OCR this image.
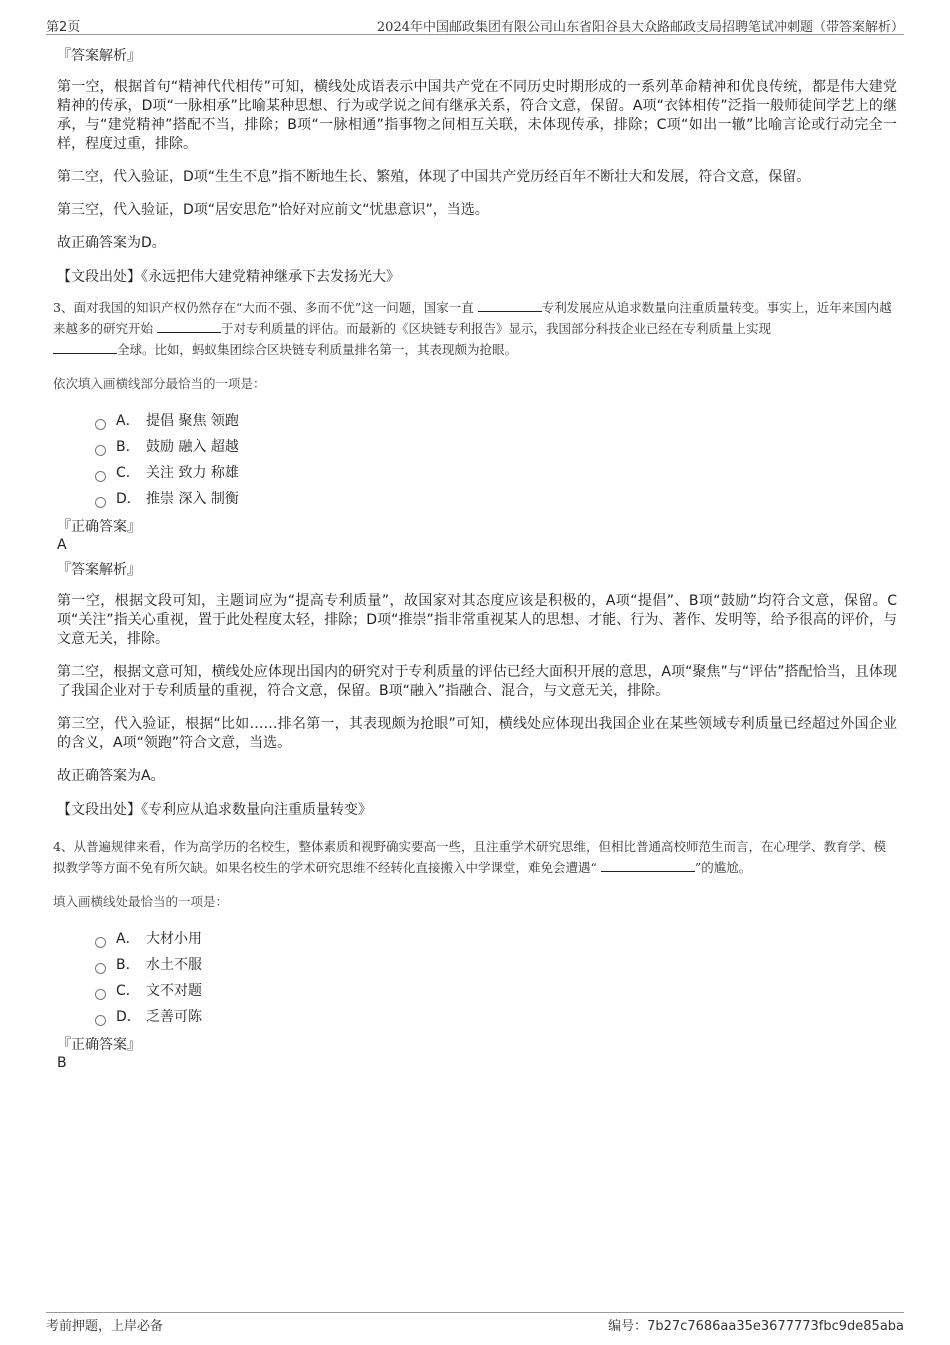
第2页	2024年中国邮政集团有限公司山东省阳谷县大众路邮政支局招聘笔试冲刺题（带答案解析）
『答案解析』

第一空，根据首句“精神代代相传”可知，横线处成语表示中国共产党在不同历史时期形成的一系列革命精神和优良传统，都是伟大建党精神的传承，D项“一脉相承”比喻某种思想、行为或学说之间有继承关系，符合文意，保留。A项“衣钵相传”泛指一般师徒间学艺上的继承，与“建党精神”搭配不当，排除；B项“一脉相通”指事物之间相互关联，未体现传承，排除；C项“如出一辙”比喻言论或行动完全一样，程度过重，排除。

第二空，代入验证，D项“生生不息”指不断地生长、繁殖，体现了中国共产党历经百年不断壮大和发展，符合文意，保留。

第三空，代入验证，D项“居安思危”恰好对应前文“忧患意识”，当选。

故正确答案为D。

【文段出处】《永远把伟大建党精神继承下去发扬光大》
3、面对我国的知识产权仍然存在“大而不强、多而不优”这一问题，国家一直	专利发展应从追求数量向注重质量转变。事实上，近年来国内越来越多的研究开始	于对专利质量的评估。而最新的《区块链专利报告》显示，我国部分科技企业已经在专利质量上实现
全球。比如，蚂蚁集团综合区块链专利质量排名第一，其表现颇为抢眼。
依次填入画横线部分最恰当的一项是：
A． 提倡 聚焦 领跑
B． 鼓励 融入 超越
C． 关注 致力 称雄
D． 推崇 深入 制衡
『正确答案』
A
『答案解析』

第一空，根据文段可知，主题词应为“提高专利质量”，故国家对其态度应该是积极的，A项“提倡”、B项“鼓励”均符合文意，保留。C项“关注”指关心重视，置于此处程度太轻，排除；D项“推崇”指非常重视某人的思想、才能、行为、著作、发明等，给予很高的评价，与文意无关，排除。

第二空，根据文意可知，横线处应体现出国内的研究对于专利质量的评估已经大面积开展的意思，A项“聚焦”与“评估”搭配恰当，且体现了我国企业对于专利质量的重视，符合文意，保留。B项“融入”指融合、混合，与文意无关，排除。

第三空，代入验证，根据“比如……排名第一，其表现颇为抢眼”可知，横线处应体现出我国企业在某些领域专利质量已经超过外国企业的含义，A项“领跑”符合文意，当选。

故正确答案为A。

【文段出处】《专利应从追求数量向注重质量转变》
4、从普遍规律来看，作为高学历的名校生，整体素质和视野确实要高一些，且注重学术研究思维，但相比普通高校师范生而言，在心理学、教育学、模拟教学等方面不免有所欠缺。如果名校生的学术研究思维不经转化直接搬入中学课堂，难免会遭遇“	”的尴尬。
填入画横线处最恰当的一项是：
A． 大材小用
B． 水土不服
C． 文不对题
D． 乏善可陈
『正确答案』
B
考前押题，上岸必备	编号：7b27c7686aa35e3677773fbc9de85aba
